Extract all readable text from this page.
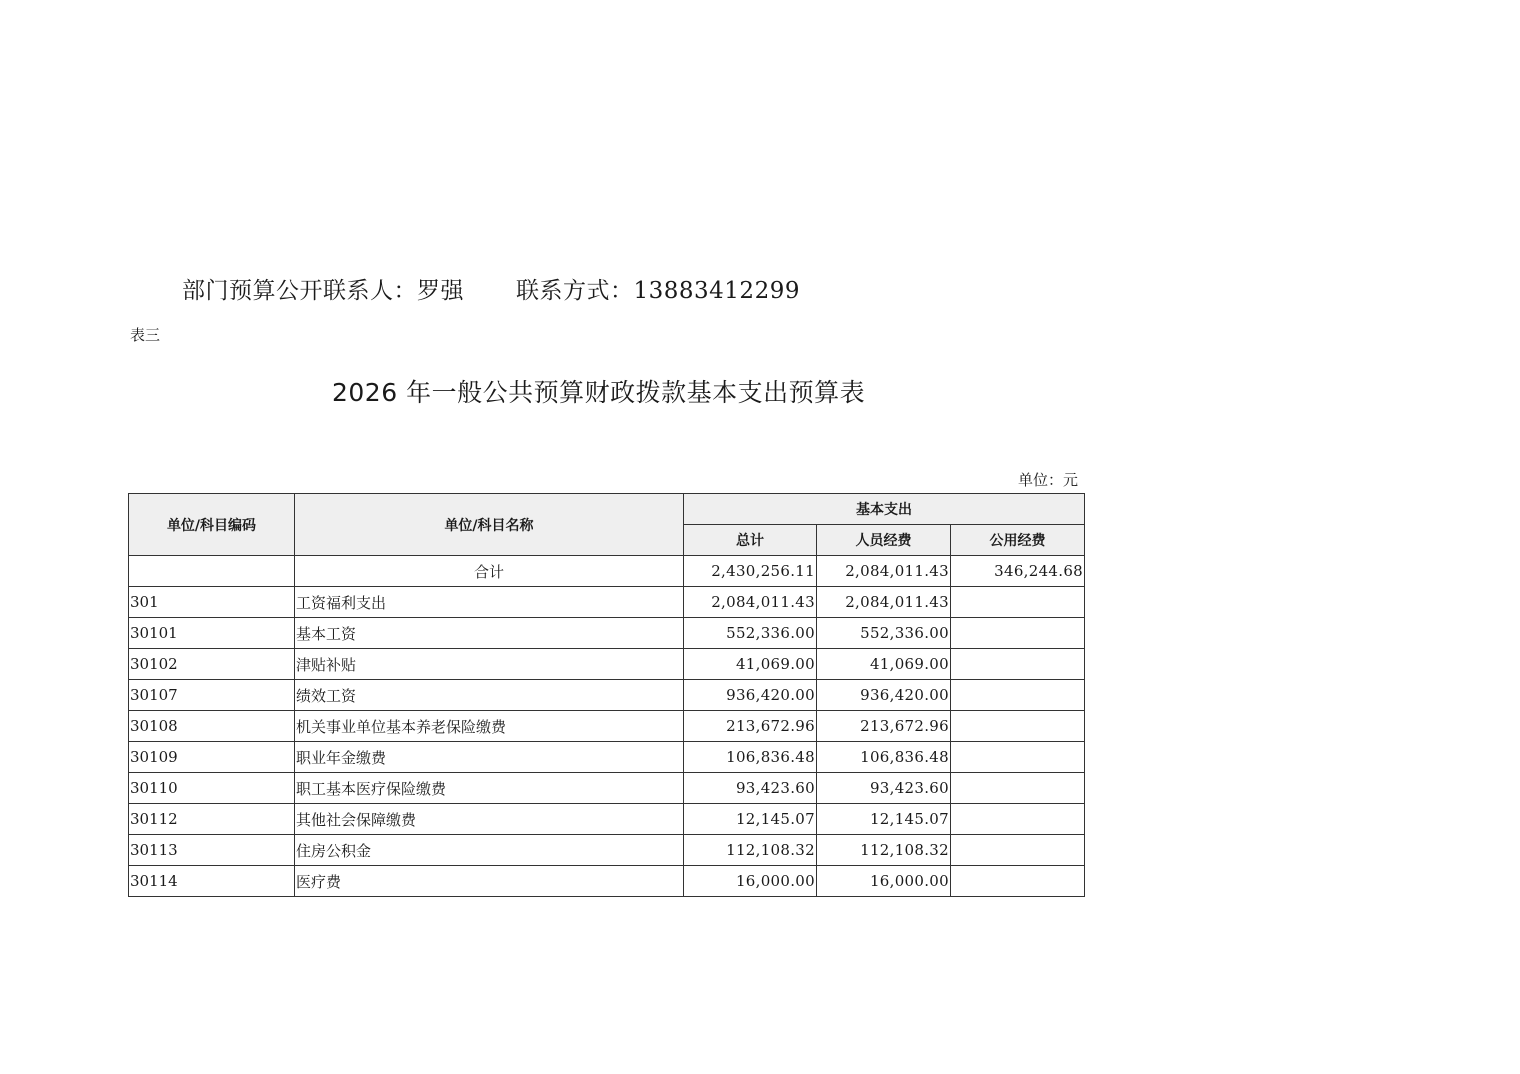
部门预算公开联系人：罗强 联系方式：13883412299
表三
2026 年一般公共预算财政拨款基本支出预算表
单位：元
单位/科目编码	单位/科目名称	基本支出		
		总计	人员经费	公用经费
	合计	2,430,256.11	2,084,011.43	346,244.68
301	工资福利支出	2,084,011.43	2,084,011.43	
30101	基本工资	552,336.00	552,336.00	
30102	津贴补贴	41,069.00	41,069.00	
30107	绩效工资	936,420.00	936,420.00	
30108	机关事业单位基本养老保险缴费	213,672.96	213,672.96	
30109	职业年金缴费	106,836.48	106,836.48	
30110	职工基本医疗保险缴费	93,423.60	93,423.60	
30112	其他社会保障缴费	12,145.07	12,145.07	
30113	住房公积金	112,108.32	112,108.32	
30114	医疗费	16,000.00	16,000.00	
